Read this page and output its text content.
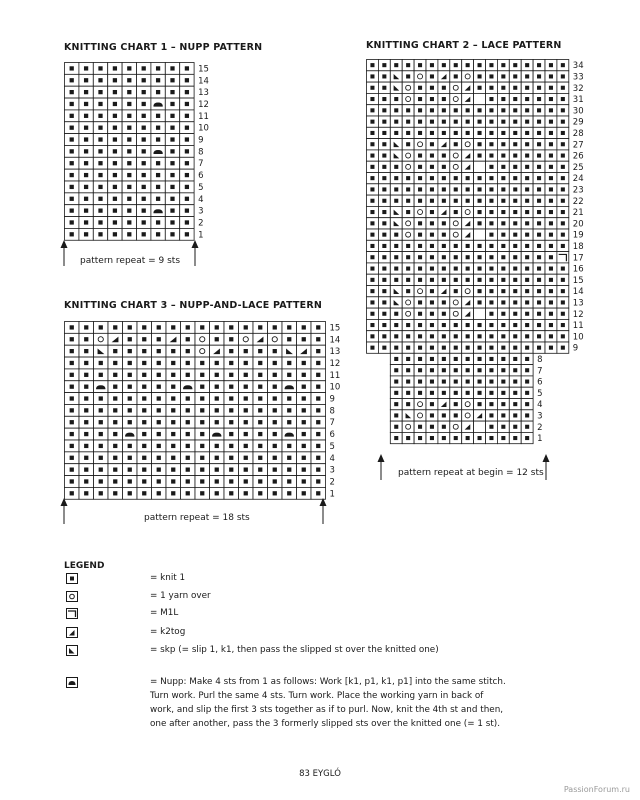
KNITTING CHART 1 – NUPP PATTERN
15
14
13
12
11
10
9
8
7
6
5
4
3
2
1
pattern repeat = 9 sts
KNITTING CHART 2 – LACE PATTERN
34
33
32
31
30
29
28
27
26
25
24
23
22
21
20
19
18
17
16
15
14
13
12
11
10
9
8
7
6
5
4
3
2
1
pattern repeat at begin = 12 sts
KNITTING CHART 3 – NUPP-AND-LACE PATTERN
15
14
13
12
11
10
9
8
7
6
5
4
3
2
1
pattern repeat = 18 sts
LEGEND
= knit 1
= 1 yarn over
= M1L
= k2tog
= skp (= slip 1, k1, then pass the slipped st over the knitted one)
= Nupp: Make 4 sts from 1 as follows: Work [k1, p1, k1, p1] into the same stitch. Turn work. Purl the same 4 sts. Turn work. Place the working yarn in back of work, and slip the first 3 sts together as if to purl. Now, knit the 4th st and then, one after another, pass the 3 formerly slipped sts over the knitted one (= 1 st).
83 EYGLÓ
PassionForum.ru
